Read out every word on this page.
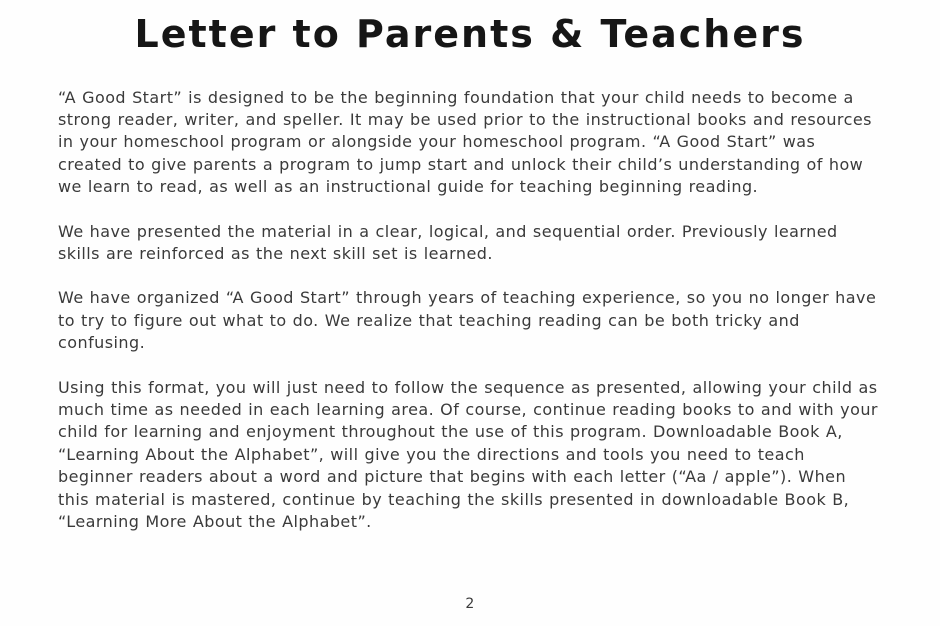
Letter to Parents & Teachers

“A Good Start” is designed to be the beginning foundation that your child needs to become a strong reader, writer, and speller. It may be used prior to the instructional books and resources in your homeschool program or alongside your homeschool program. “A Good Start” was created to give parents a program to jump start and unlock their child’s understanding of how we learn to read, as well as an instructional guide for teaching beginning reading.

We have presented the material in a clear, logical, and sequential order. Previously learned skills are reinforced as the next skill set is learned.

We have organized “A Good Start” through years of teaching experience, so you no longer have to try to figure out what to do. We realize that teaching reading can be both tricky and confusing.

Using this format, you will just need to follow the sequence as presented, allowing your child as much time as needed in each learning area. Of course, continue reading books to and with your child for learning and enjoyment throughout the use of this program. Downloadable Book A, “Learning About the Alphabet”, will give you the directions and tools you need to teach beginner readers about a word and picture that begins with each letter (“Aa / apple”). When this material is mastered, continue by teaching the skills presented in downloadable Book B, “Learning More About the Alphabet”.

2
